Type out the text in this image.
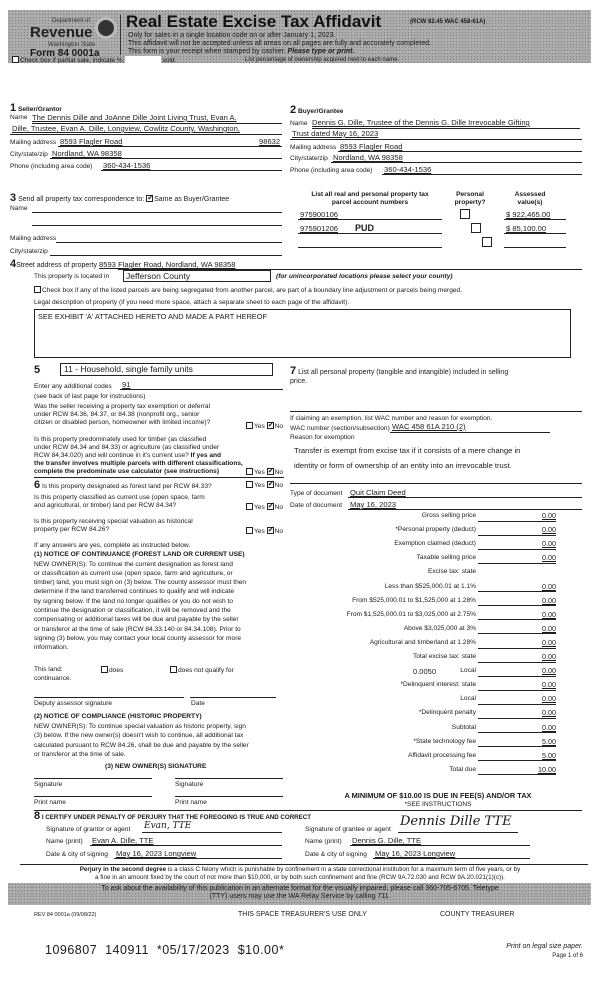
Department of
Revenue
Washington State
Form 84 0001a
Real Estate Excise Tax Affidavit	(RCW 82.45 WAC 458-61A)
Only for sales in a single location code on or after January 1, 2023.
This affidavit will not be accepted unless all areas on all pages are fully and accurately completed.
This form is your receipt when stamped by cashier. Please type or print.
Check box if partial sale, indicate %	sold.	List percentage of ownership acquired next to each name.
1 Seller/Grantor
Name The Dennis Dille and JoAnne Dille Joint Living Trust, Evan A.
Dille, Trustee, Evan A. Dille, Longview, Cowlitz County, Washington,
Mailing address 8593 Flagler Road	98632
City/state/zip Nordland, WA 98358
Phone (including area code) 360-434-1536
2 Buyer/Grantee
Name Dennis G. Dille, Trustee of the Dennis G. Dille Irrevocable Gifting
Trust dated May 16, 2023
Mailing address 8593 Flagler Road
City/state/zip Nordland, WA 98358
Phone (including area code) 360-434-1536
3 Send all property tax correspondence to: ✓ Same as Buyer/Grantee
Name
Mailing address
City/state/zip
List all real and personal property tax
parcel account numbers
Personal
property?
Assessed
value(s)
975900106	$ 922,465.00
975901206 PUD	$ 85,100.00
4Street address of property 8593 Flagler Road, Nordland, WA 98358
This property is located in	Jefferson County	(for unincorporated locations please select your county)
Check box if any of the listed parcels are being segregated from another parcel, are part of a boundary line adjustment or parcels being merged.
Legal description of property (if you need more space, attach a separate sheet to each page of the affidavit).
SEE EXHIBIT 'A' ATTACHED HERETO AND MADE A PART HEREOF
5	11 - Household, single family units
Enter any additional codes 91
(see back of last page for instructions)
Was the seller receiving a property tax exemption or deferral
under RCW 84.36, 84.37, or 84.38 (nonprofit org., senior
citizen or disabled person, homeowner with limited income)?
Yes ✓ No
Is this property predominately used for timber (as classified
under RCW 84.34 and 84.33) or agriculture (as classified under
RCW 84.34.020) and will continue in it's current use? If yes and
the transfer involves multiple parcels with different classifications,
complete the predominate use calculator (see instructions)	Yes ✓ No
6 Is this property designated as forest land per RCW 84.33?	Yes ✓ No
Is this property classified as current use (open space, farm
and agricultural, or timber) land per RCW 84.34?	Yes ✓ No
Is this property receiving special valuation as historical
property per RCW 84.26?	Yes ✓ No
If any answers are yes, complete as instructed below.
(1) NOTICE OF CONTINUANCE (FOREST LAND OR CURRENT USE)
NEW OWNER(S): To continue the current designation as forest land
or classification as current use (open space, farm and agriculture, or
timber) land, you must sign on (3) below. The county assessor must then
determine if the land transferred continues to qualify and will indicate
by signing below. If the land no longer qualifies or you do not wish to
continue the designation or classification, it will be removed and the
compensating or additional taxes will be due and payable by the seller
or transferor at the time of sale (RCW 84.33.140 or 84.34.108). Prior to
signing (3) below, you may contact your local county assessor for more
information.
This land:	does	does not qualify for
continuance.
Deputy assessor signature	Date
(2) NOTICE OF COMPLIANCE (HISTORIC PROPERTY)
NEW OWNER(S): To continue special valuation as historic property, sign
(3) below. If the new owner(s) doesn't wish to continue, all additional tax
calculated pursuant to RCW 84.26, shall be due and payable by the seller
or transferor at the time of sale.
(3) NEW OWNER(S) SIGNATURE
Signature	Signature
Print name	Print name
7 List all personal property (tangible and intangible) included in selling
price.
If claiming an exemption, list WAC number and reason for exemption.
WAC number (section/subsection) WAC 458 61A 210 (2)
Reason for exemption
Transfer is exempt from excise tax if it consists of a mere change in
identity or form of ownership of an entity into an irrevocable trust.
Type of document Quit Claim Deed
Date of document May 16, 2023
Gross selling price	0.00
*Personal property (deduct)	0.00
Exemption claimed (deduct)	0.00
Taxable selling price	0.00
Excise tax: state
Less than $525,000.01 at 1.1%	0.00
From $525,000.01 to $1,525,000 at 1.28%	0.00
From $1,525,000.01 to $3,025,000 at 2.75%	0.00
Above $3,025,000 at 3%	0.00
Agricultural and timberland at 1.28%	0.00
Total excise tax: state	0.00
Local
0.0050	0.00
*Delinquent interest: state	0.00
Local	0.00
*Delinquent penalty	0.00
Subtotal	0.00
*State technology fee	5.00
Affidavit processing fee	5.00
Total due	10.00
A MINIMUM OF $10.00 IS DUE IN FEE(S) AND/OR TAX
*SEE INSTRUCTIONS
8 I CERTIFY UNDER PENALTY OF PERJURY THAT THE FOREGOING IS TRUE AND CORRECT
Signature of grantor or agent Evan, TTE
Name (print) Evan A. Dille, TTE
Date & city of signing May 16, 2023 Longview
Signature of grantee or agent
Dennis Dille TTE
Name (print) Dennis G. Dille, TTE
Date & city of signing May 16, 2023 Longview
Perjury in the second degree is a class C felony which is punishable by confinement in a state correctional institution for a maximum term of five years, or by
a fine in an amount fixed by the court of not more than $10,000, or by both such confinement and fine (RCW 9A.72.030 and RCW 9A.20.021(1)(c)).
To ask about the availability of this publication in an alternate format for the visually impaired, please call 360-705-6705. Teletype
(TTY) users may use the WA Relay Service by calling 711.
REV 84 0001a (09/08/22)	THIS SPACE TREASURER'S USE ONLY	COUNTY TREASURER
1096807  140911  *05/17/2023  $10.00*	Print on legal size paper.
Page 1 of 6
